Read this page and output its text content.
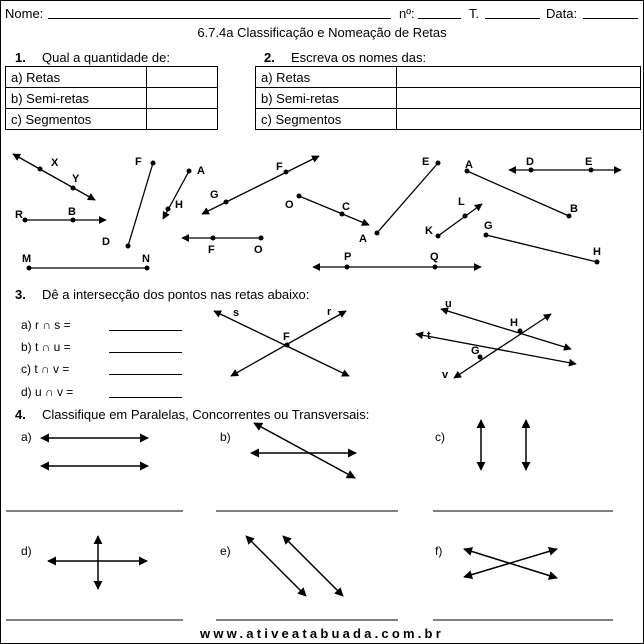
Nome:	nº:	T.	Data:
6.7.4a Classificação e Nomeação de Retas
1. Qual a quantidade de:
a) Retas	
b) Semi-retas	
c) Segmentos	
2. Escreva os nomes das:
a) Retas	
b) Semi-retas	
c) Segmentos	
X
Y
F
A
H
F
G
E	A
D
D	E
B
R	B
O	C
A
L
K	G
H
F	O
M	N	P	Q
s	r
F
u
H
t
G
v
3. Dê a intersecção dos pontos nas retas abaixo:
a) r ∩ s =
b) t ∩ u =
c) t ∩ v =
d) u ∩ v =
4. Classifique em Paralelas, Concorrentes ou Transversais:
a)	b)	c)
d)	e)	f)
www.ativeatabuada.com.br
